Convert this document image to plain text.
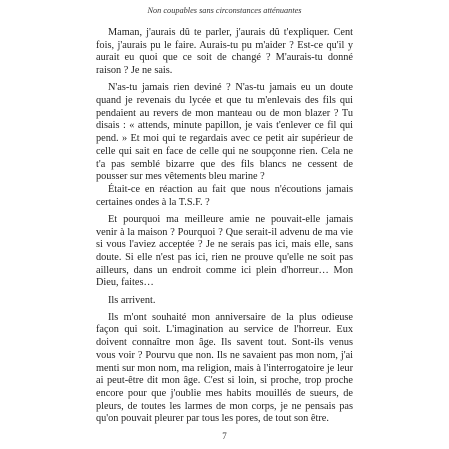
Non coupables sans circonstances atténuantes

Maman, j'aurais dû te parler, j'aurais dû t'expliquer. Cent fois, j'aurais pu le faire. Aurais-tu pu m'aider ? Est-ce qu'il y aurait eu quoi que ce soit de changé ? M'aurais-tu donné raison ? Je ne sais.

N'as-tu jamais rien deviné ? N'as-tu jamais eu un doute quand je revenais du lycée et que tu m'enlevais des fils qui pendaient au revers de mon manteau ou de mon blazer ? Tu disais : « attends, minute papillon, je vais t'enlever ce fil qui pend. » Et moi qui te regardais avec ce petit air supérieur de celle qui sait en face de celle qui ne soupçonne rien. Cela ne t'a pas semblé bizarre que des fils blancs ne cessent de pousser sur mes vêtements bleu marine ?

Était-ce en réaction au fait que nous n'écoutions jamais certaines ondes à la T.S.F. ?

Et pourquoi ma meilleure amie ne pouvait-elle jamais venir à la maison ? Pourquoi ? Que serait-il advenu de ma vie si vous l'aviez acceptée ? Je ne serais pas ici, mais elle, sans doute. Si elle n'est pas ici, rien ne prouve qu'elle ne soit pas ailleurs, dans un endroit comme ici plein d'horreur… Mon Dieu, faites…

Ils arrivent.

Ils m'ont souhaité mon anniversaire de la plus odieuse façon qui soit. L'imagination au service de l'horreur. Eux doivent connaître mon âge. Ils savent tout. Sont-ils venus vous voir ? Pourvu que non. Ils ne savaient pas mon nom, j'ai menti sur mon nom, ma religion, mais à l'interrogatoire je leur ai peut-être dit mon âge. C'est si loin, si proche, trop proche encore pour que j'oublie mes habits mouillés de sueurs, de pleurs, de toutes les larmes de mon corps, je ne pensais pas qu'on pouvait pleurer par tous les pores, de tout son être.

7
